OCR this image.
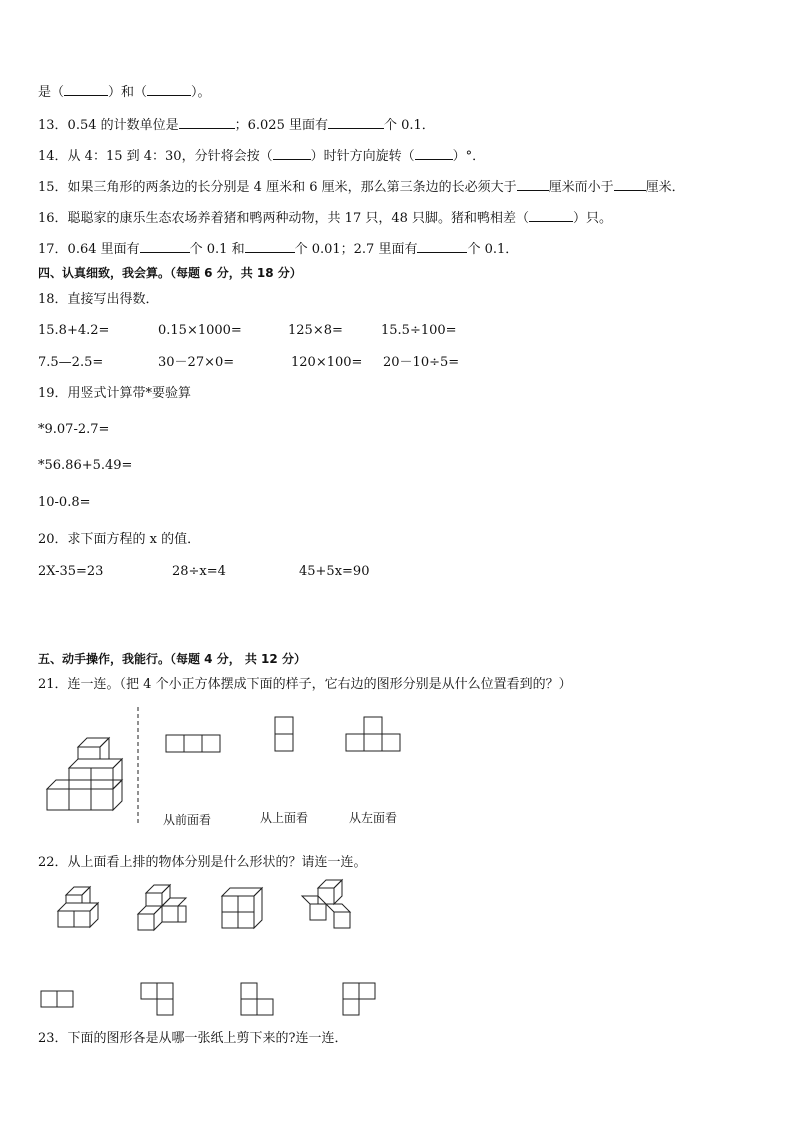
是（	）和（	）。
13．0.54 的计数单位是	；6.025 里面有	个 0.1．
14．从 4：15 到 4：30，分针将会按（	）时针方向旋转（	）°．
15．如果三角形的两条边的长分别是 4 厘米和 6 厘米，那么第三条边的长必须大于 厘米而小于 厘米．
16．聪聪家的康乐生态农场养着猪和鸭两种动物，共 17 只，48 只脚。猪和鸭相差（	）只。
17．0.64 里面有	个 0.1 和	个 0.01；2.7 里面有	个 0.1．
四、认真细致，我会算。（每题 6 分，共 18 分）
18．直接写出得数．
15.8+4.2=	0.15×1000=	125×8=	15.5÷100=
7.5—2.5=	30－27×0=	120×100= 20－10÷5=
19．用竖式计算带*要验算
*9.07-2.7=
*56.86+5.49=
10-0.8=
20．求下面方程的 x 的值．
2X-35=23	28÷x=4	45+5x=90
五、动手操作，我能行。（每题 4 分， 共 12 分）
21．连一连。（把 4 个小正方体摆成下面的样子，它右边的图形分别是从什么位置看到的？）
从前面看	从上面看	从左面看
22．从上面看上排的物体分别是什么形状的？请连一连。
23．下面的图形各是从哪一张纸上剪下来的?连一连．
